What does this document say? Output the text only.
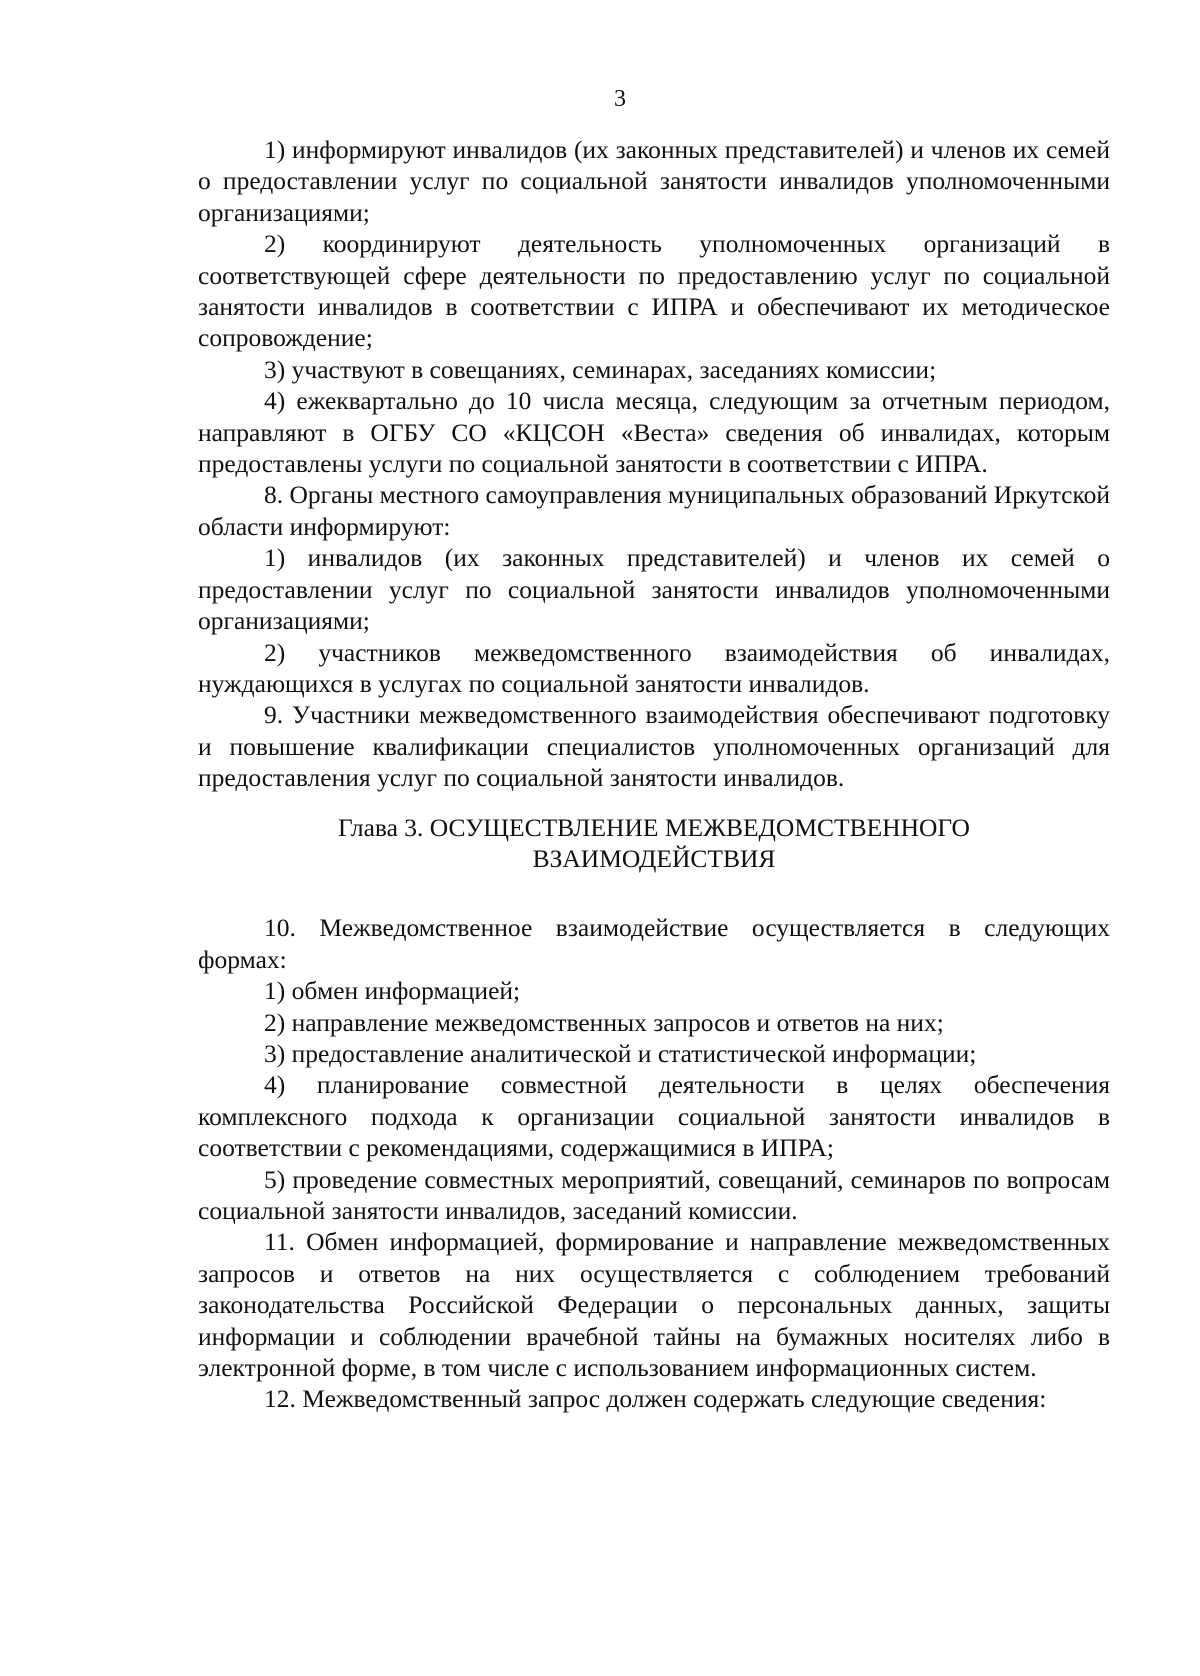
3

1) информируют инвалидов (их законных представителей) и членов их семей о предоставлении услуг по социальной занятости инвалидов уполномоченными организациями;

2) координируют деятельность уполномоченных организаций в соответствующей сфере деятельности по предоставлению услуг по социальной занятости инвалидов в соответствии с ИПРА и обеспечивают их методическое сопровождение;

3) участвуют в совещаниях, семинарах, заседаниях комиссии;

4) ежеквартально до 10 числа месяца, следующим за отчетным периодом, направляют в ОГБУ СО «КЦСОН «Веста» сведения об инвалидах, которым предоставлены услуги по социальной занятости в соответствии с ИПРА.

8. Органы местного самоуправления муниципальных образований Иркутской области информируют:

1) инвалидов (их законных представителей) и членов их семей о предоставлении услуг по социальной занятости инвалидов уполномоченными организациями;

2) участников межведомственного взаимодействия об инвалидах, нуждающихся в услугах по социальной занятости инвалидов.

9. Участники межведомственного взаимодействия обеспечивают подготовку и повышение квалификации специалистов уполномоченных организаций для предоставления услуг по социальной занятости инвалидов.

Глава 3. ОСУЩЕСТВЛЕНИЕ МЕЖВЕДОМСТВЕННОГО
ВЗАИМОДЕЙСТВИЯ

10. Межведомственное взаимодействие осуществляется в следующих формах:

1) обмен информацией;

2) направление межведомственных запросов и ответов на них;

3) предоставление аналитической и статистической информации;

4) планирование совместной деятельности в целях обеспечения комплексного подхода к организации социальной занятости инвалидов в соответствии с рекомендациями, содержащимися в ИПРА;

5) проведение совместных мероприятий, совещаний, семинаров по вопросам социальной занятости инвалидов, заседаний комиссии.

11. Обмен информацией, формирование и направление межведомственных запросов и ответов на них осуществляется с соблюдением требований законодательства Российской Федерации о персональных данных, защиты информации и соблюдении врачебной тайны на бумажных носителях либо в электронной форме, в том числе с использованием информационных систем.

12. Межведомственный запрос должен содержать следующие сведения:
